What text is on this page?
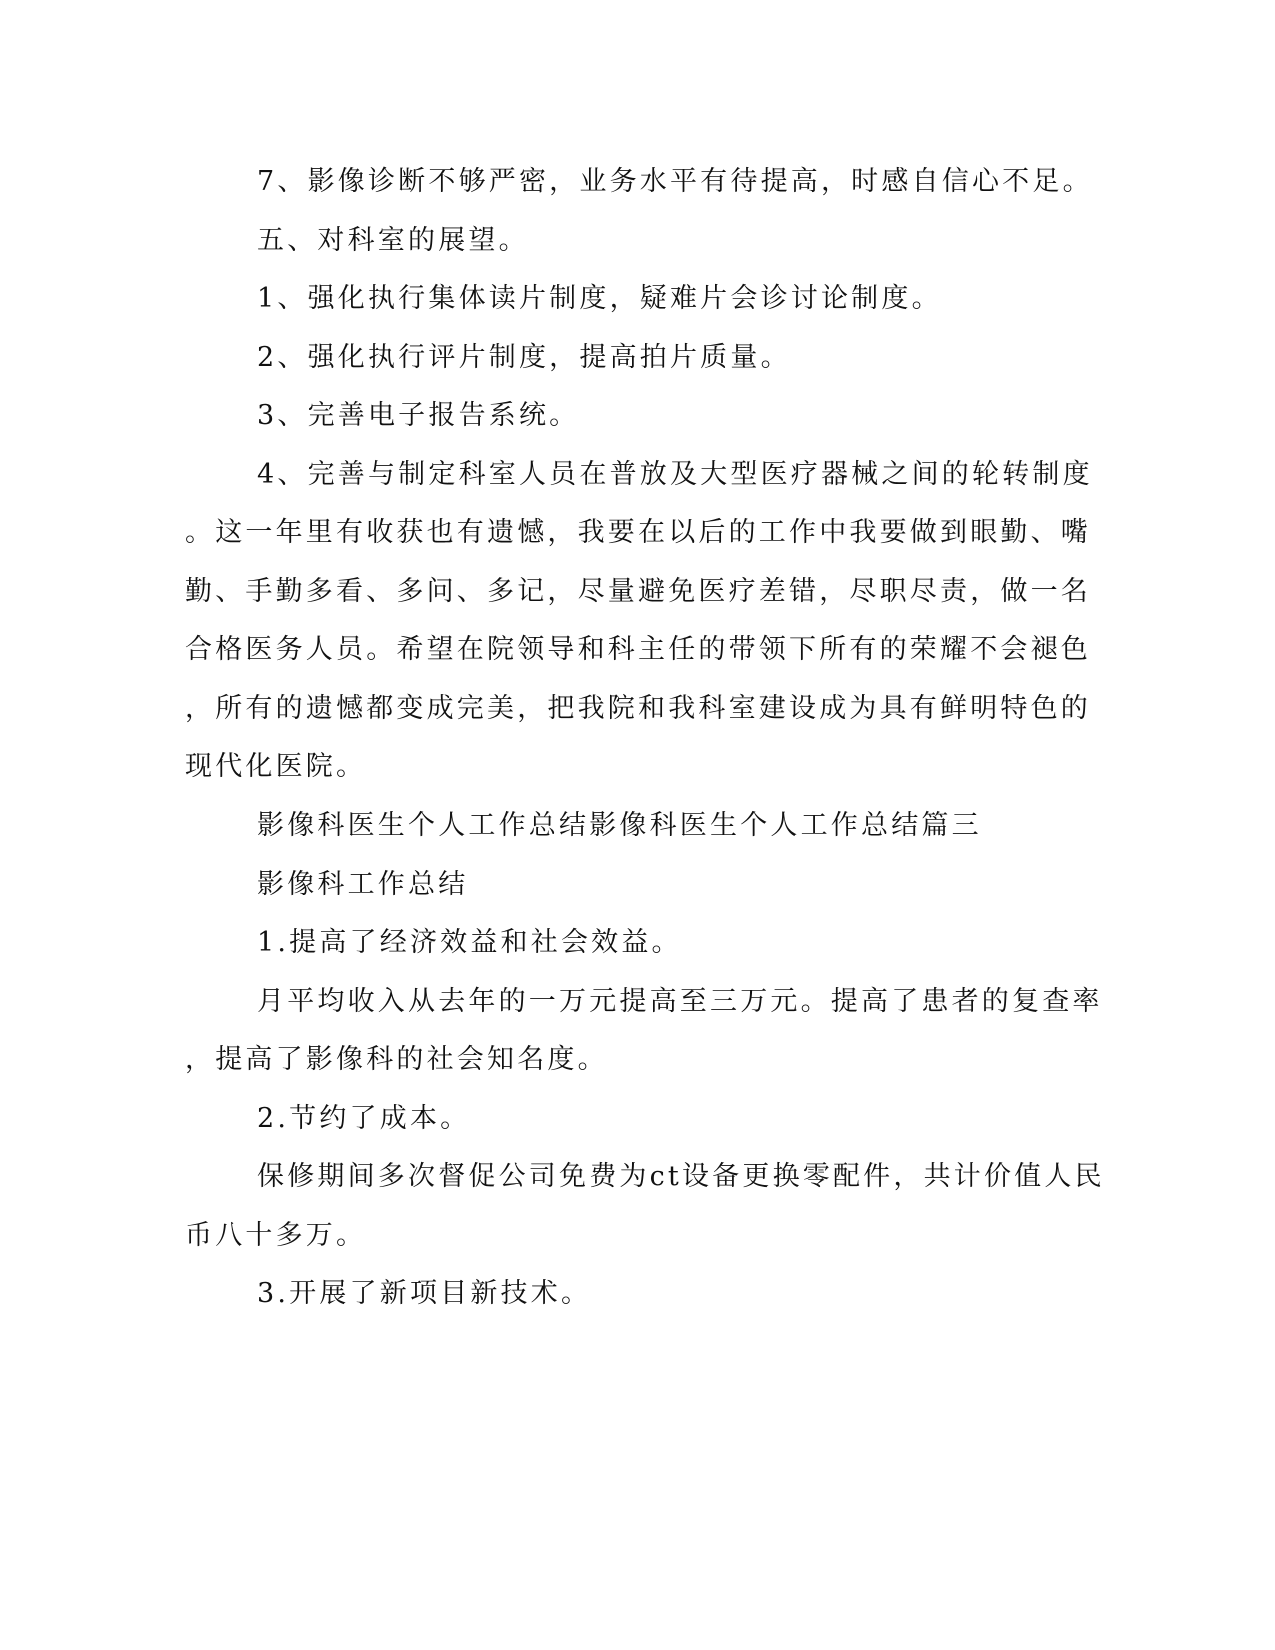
7、影像诊断不够严密，业务水平有待提高，时感自信心不足。

五、对科室的展望。

1、强化执行集体读片制度，疑难片会诊讨论制度。

2、强化执行评片制度，提高拍片质量。

3、完善电子报告系统。

4、完善与制定科室人员在普放及大型医疗器械之间的轮转制度

。这一年里有收获也有遗憾，我要在以后的工作中我要做到眼勤、嘴

勤、手勤多看、多问、多记，尽量避免医疗差错，尽职尽责，做一名

合格医务人员。希望在院领导和科主任的带领下所有的荣耀不会褪色

，所有的遗憾都变成完美，把我院和我科室建设成为具有鲜明特色的

现代化医院。

影像科医生个人工作总结影像科医生个人工作总结篇三

影像科工作总结

1.提高了经济效益和社会效益。

月平均收入从去年的一万元提高至三万元。提高了患者的复查率

，提高了影像科的社会知名度。

2.节约了成本。

保修期间多次督促公司免费为ct设备更换零配件，共计价值人民

币八十多万。

3.开展了新项目新技术。
